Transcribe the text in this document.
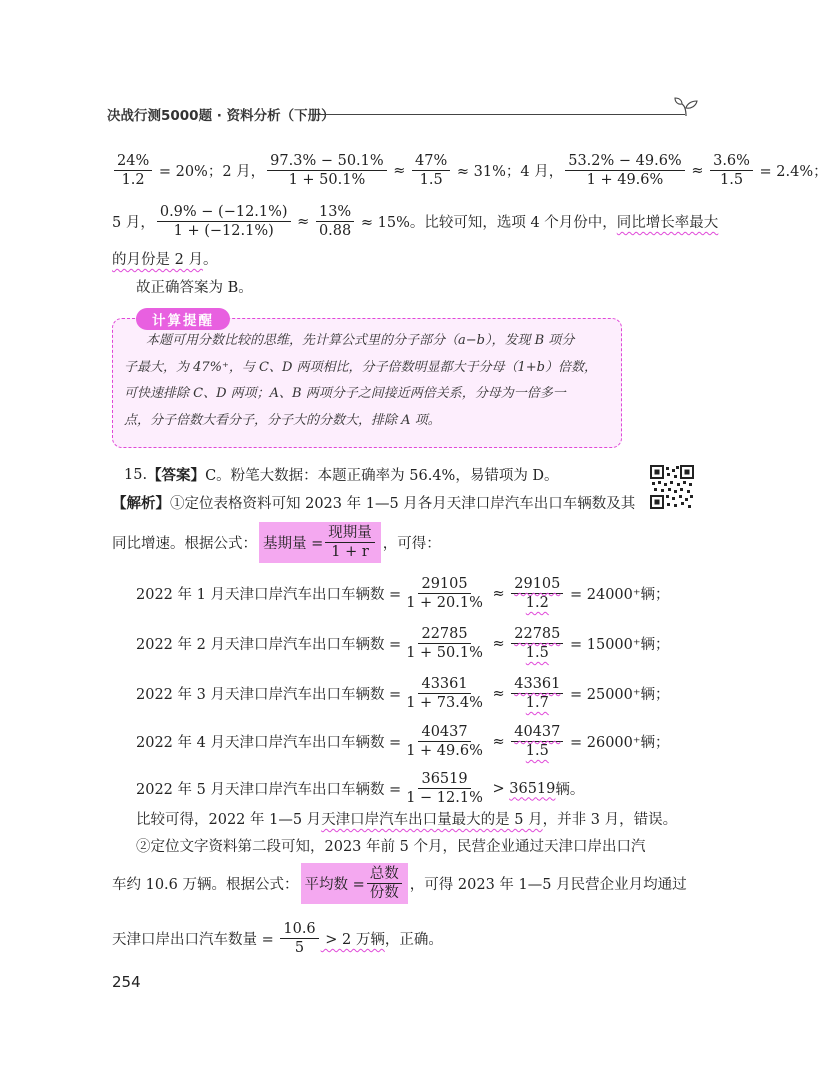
决战行测5000题 · 资料分析（下册）
$\frac{24\%}{1.2} = 20\%$；2 月， $\frac{97.3\% - 50.1\%}{1 + 50.1\%} \approx \frac{47\%}{1.5} \approx 31\%$；4 月， $\frac{53.2\% - 49.6\%}{1 + 49.6\%} \approx \frac{3.6\%}{1.5} = 2.4\%$；
5 月， $\frac{0.9\% - (-12.1\%)}{1 + (-12.1\%)} \approx \frac{13\%}{0.88} \approx 15\%$。比较可知，选项 4 个月份中， 同比增长率最大
的月份是 2 月 。
故正确答案为 B。
计算提醒
本题可用分数比较的思维，先计算公式里的分子部分（a−b），发现 B 项分
子最大，为 47%⁺，与 C、D 两项相比，分子倍数明显都大于分母（1+b）倍数，
可快速排除 C、D 两项；A、B 两项分子之间接近两倍关系，分母为一倍多一
点，分子倍数大看分子，分子大的分数大，排除 A 项。
15. 【答案】 C。粉笔大数据：本题正确率为 56.4%，易错项为 D。
【解析】 ①定位表格资料可知 2023 年 1—5 月各月天津口岸汽车出口车辆数及其
同比增速。根据公式： 基期量 = $\frac{\text{现期量}}{1 + r}$ ，可得：
2022 年 1 月天津口岸汽车出口车辆数 = $\frac{29105}{1 + 20.1\%} \approx \frac{29105}{1.2} = 24000^+$辆；
2022 年 2 月天津口岸汽车出口车辆数 = $\frac{22785}{1 + 50.1\%} \approx \frac{22785}{1.5} = 15000^+$辆；
2022 年 3 月天津口岸汽车出口车辆数 = $\frac{43361}{1 + 73.4\%} \approx \frac{43361}{1.7} = 25000^+$辆；
2022 年 4 月天津口岸汽车出口车辆数 = $\frac{40437}{1 + 49.6\%} \approx \frac{40437}{1.5} = 26000^+$辆；
2022 年 5 月天津口岸汽车出口车辆数 = $\frac{36519}{1 - 12.1\%} > 36519$ 辆。
比较可得，2022 年 1—5 月 天津口岸汽车出口量最大的是 5 月 ，并非 3 月，错误。
②定位文字资料第二段可知，2023 年前 5 个月，民营企业通过天津口岸出口汽
车约 10.6 万辆。根据公式： 平均数 = $\frac{\text{总数}}{\text{份数}}$ ，可得 2023 年 1—5 月民营企业月均通过
天津口岸出口汽车数量 = $\frac{10.6}{5} > 2$ 万辆 ，正确。
254
